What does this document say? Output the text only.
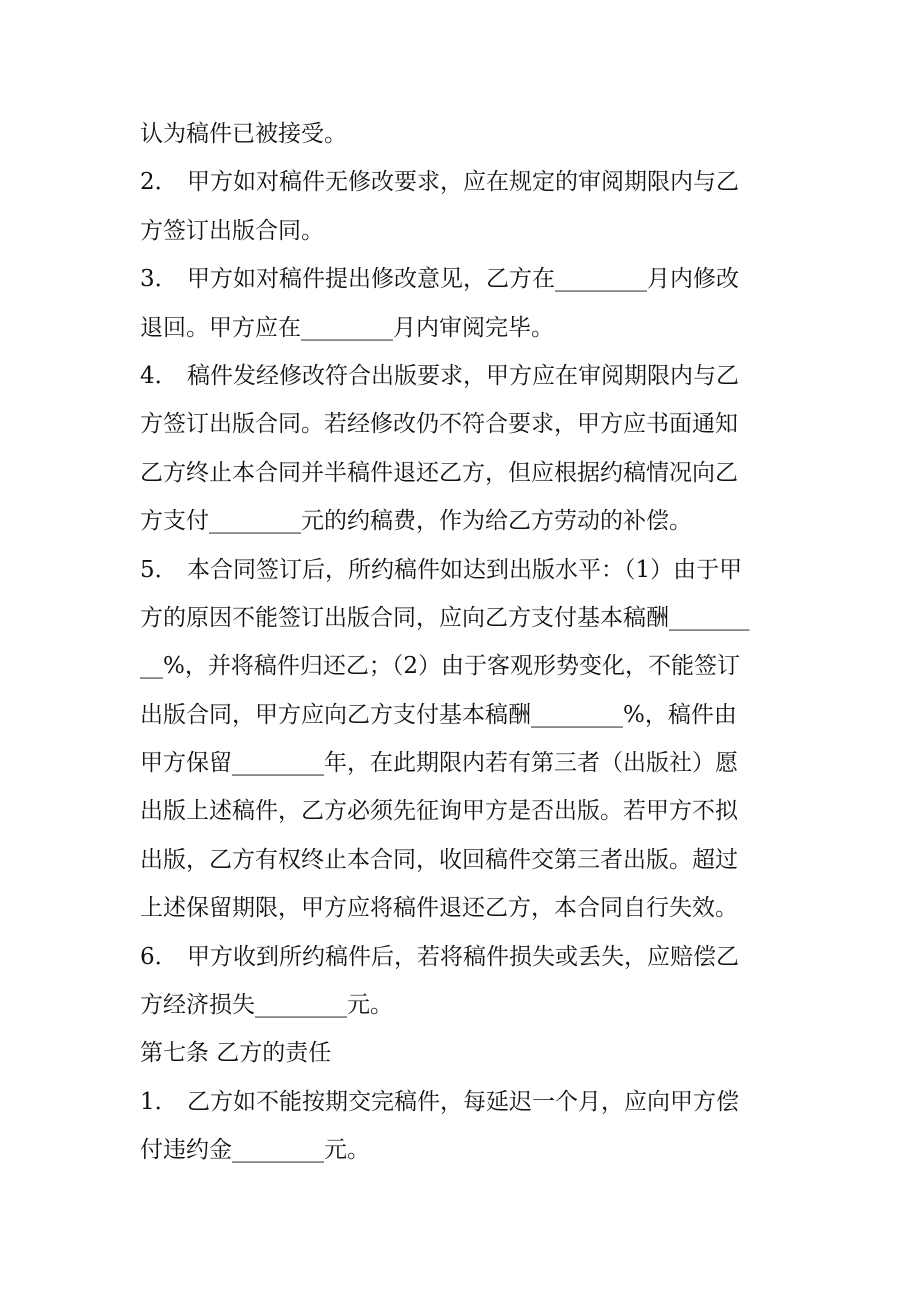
认为稿件已被接受。
2． 甲方如对稿件无修改要求，应在规定的审阅期限内与乙
方签订出版合同。
3． 甲方如对稿件提出修改意见，乙方在________月内修改
退回。甲方应在________月内审阅完毕。
4． 稿件发经修改符合出版要求，甲方应在审阅期限内与乙
方签订出版合同。若经修改仍不符合要求，甲方应书面通知
乙方终止本合同并半稿件退还乙方，但应根据约稿情况向乙
方支付________元的约稿费，作为给乙方劳动的补偿。
5． 本合同签订后，所约稿件如达到出版水平：（1）由于甲
方的原因不能签订出版合同，应向乙方支付基本稿酬_______
__%，并将稿件归还乙；（2）由于客观形势变化，不能签订
出版合同，甲方应向乙方支付基本稿酬________%，稿件由
甲方保留________年，在此期限内若有第三者（出版社）愿
出版上述稿件，乙方必须先征询甲方是否出版。若甲方不拟
出版，乙方有权终止本合同，收回稿件交第三者出版。超过
上述保留期限，甲方应将稿件退还乙方，本合同自行失效。
6． 甲方收到所约稿件后，若将稿件损失或丢失，应赔偿乙
方经济损失________元。
第七条 乙方的责任
1． 乙方如不能按期交完稿件，每延迟一个月，应向甲方偿
付违约金________元。
